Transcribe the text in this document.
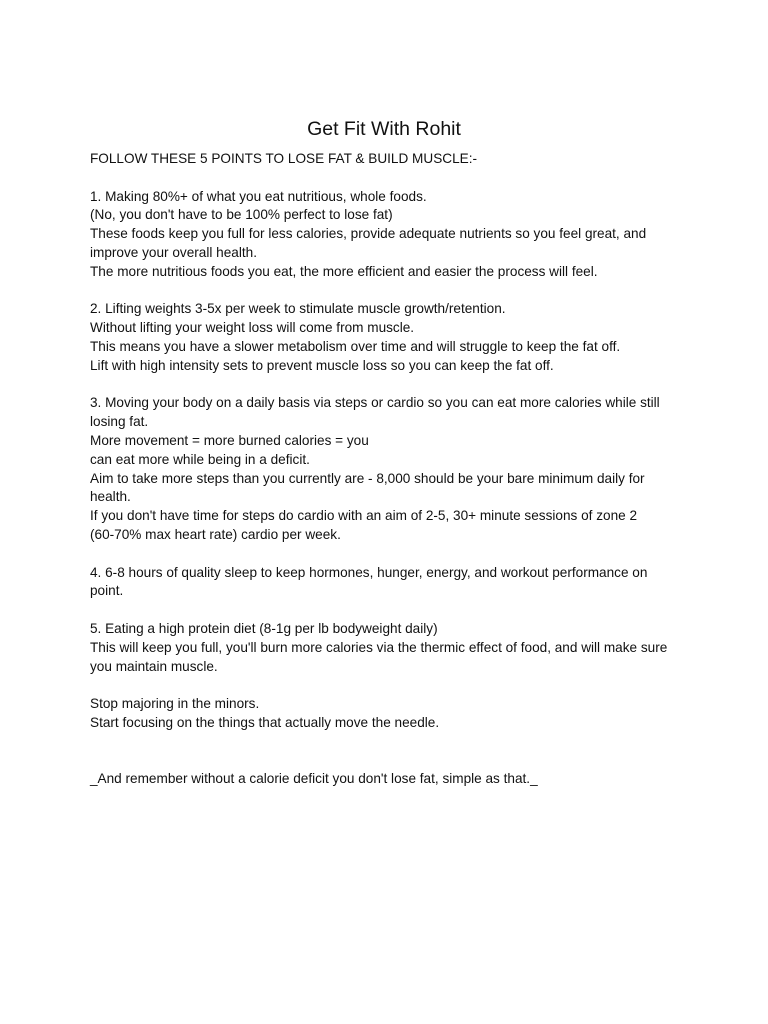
Get Fit With Rohit
FOLLOW THESE 5 POINTS TO LOSE FAT & BUILD MUSCLE:-
1. Making 80%+ of what you eat nutritious, whole foods.
(No, you don't have to be 100% perfect to lose fat)
These foods keep you full for less calories, provide adequate nutrients so you feel great, and
improve your overall health.
The more nutritious foods you eat, the more efficient and easier the process will feel.
2. Lifting weights 3-5x per week to stimulate muscle growth/retention.
Without lifting your weight loss will come from muscle.
This means you have a slower metabolism over time and will struggle to keep the fat off.
Lift with high intensity sets to prevent muscle loss so you can keep the fat off.
3. Moving your body on a daily basis via steps or cardio so you can eat more calories while still
losing fat.
More movement = more burned calories = you
can eat more while being in a deficit.
Aim to take more steps than you currently are - 8,000 should be your bare minimum daily for
health.
If you don't have time for steps do cardio with an aim of 2-5, 30+ minute sessions of zone 2
(60-70% max heart rate) cardio per week.
4. 6-8 hours of quality sleep to keep hormones, hunger, energy, and workout performance on
point.
5. Eating a high protein diet (8-1g per lb bodyweight daily)
This will keep you full, you'll burn more calories via the thermic effect of food, and will make sure
you maintain muscle.
Stop majoring in the minors.
Start focusing on the things that actually move the needle.
_And remember without a calorie deficit you don't lose fat, simple as that._
